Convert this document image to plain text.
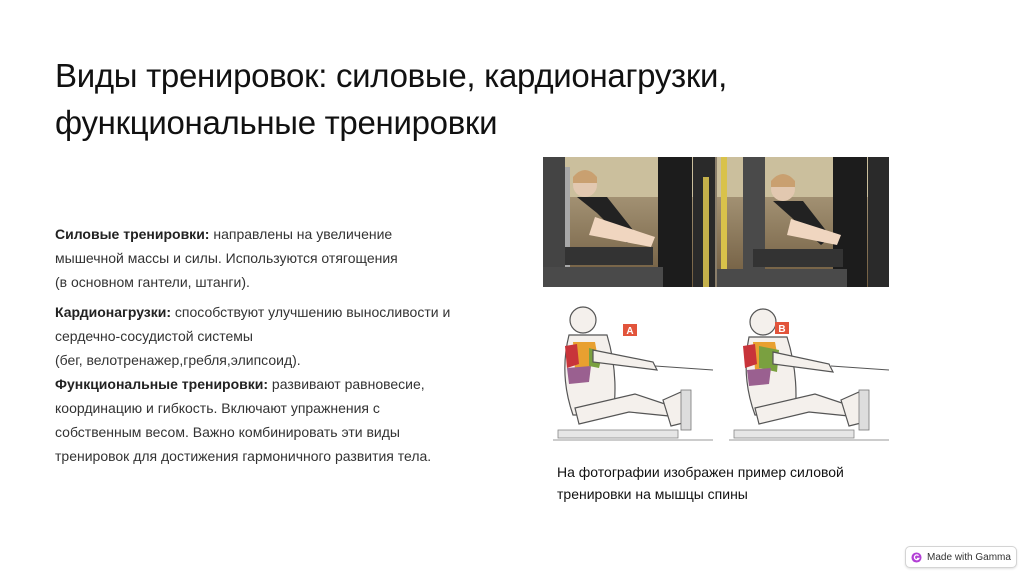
Виды тренировок: силовые, кардионагрузки,
функциональные тренировки

Силовые тренировки: направлены на увеличение
мышечной массы и силы. Используются отягощения
(в основном гантели, штанги).

Кардионагрузки: способствуют улучшению выносливости и
сердечно-сосудистой системы
(бег, велотренажер,гребля,элипсоид).

Функциональные тренировки: развивают равновесие,
координацию и гибкость. Включают упражнения с
собственным весом. Важно комбинировать эти виды
тренировок для достижения гармоничного развития тела.

A	B
На фотографии изображен пример силовой
тренировки на мышцы спины
Made with Gamma
